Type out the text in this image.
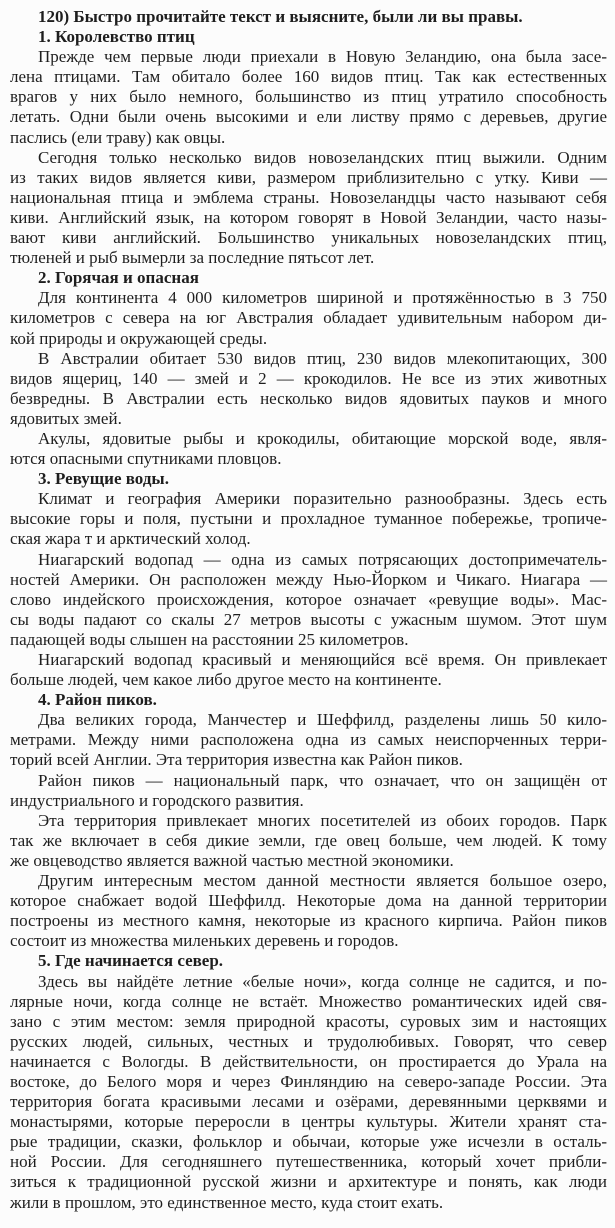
120) Быстро прочитайте текст и выясните, были ли вы правы.
1. Королевство птиц
Прежде чем первые люди приехали в Новую Зеландию, она была засе-
лена птицами. Там обитало более 160 видов птиц. Так как естественных
врагов у них было немного, большинство из птиц утратило способность
летать. Одни были очень высокими и ели листву прямо с деревьев, другие
паслись (ели траву) как овцы.
Сегодня только несколько видов новозеландских птиц выжили. Одним
из таких видов является киви, размером приблизительно с утку. Киви —
национальная птица и эмблема страны. Новозеландцы часто называют себя
киви. Английский язык, на котором говорят в Новой Зеландии, часто назы-
вают киви английский. Большинство уникальных новозеландских птиц,
тюленей и рыб вымерли за последние пятьсот лет.
2. Горячая и опасная
Для континента 4 000 километров шириной и протяжённостью в 3 750
километров с севера на юг Австралия обладает удивительным набором ди-
кой природы и окружающей среды.
В Австралии обитает 530 видов птиц, 230 видов млекопитающих, 300
видов ящериц, 140 — змей и 2 — крокодилов. Не все из этих животных
безвредны. В Австралии есть несколько видов ядовитых пауков и много
ядовитых змей.
Акулы, ядовитые рыбы и крокодилы, обитающие морской воде, явля-
ются опасными спутниками пловцов.
3. Ревущие воды.
Климат и география Америки поразительно разнообразны. Здесь есть
высокие горы и поля, пустыни и прохладное туманное побережье, тропиче-
ская жара т и арктический холод.
Ниагарский водопад — одна из самых потрясающих достопримечатель-
ностей Америки. Он расположен между Нью-Йорком и Чикаго. Ниагара —
слово индейского происхождения, которое означает «ревущие воды». Мас-
сы воды падают со скалы 27 метров высоты с ужасным шумом. Этот шум
падающей воды слышен на расстоянии 25 километров.
Ниагарский водопад красивый и меняющийся всё время. Он привлекает
больше людей, чем какое либо другое место на континенте.
4. Район пиков.
Два великих города, Манчестер и Шеффилд, разделены лишь 50 кило-
метрами. Между ними расположена одна из самых неиспорченных терри-
торий всей Англии. Эта территория известна как Район пиков.
Район пиков — национальный парк, что означает, что он защищён от
индустриального и городского развития.
Эта территория привлекает многих посетителей из обоих городов. Парк
так же включает в себя дикие земли, где овец больше, чем людей. К тому
же овцеводство является важной частью местной экономики.
Другим интересным местом данной местности является большое озеро,
которое снабжает водой Шеффилд. Некоторые дома на данной территории
построены из местного камня, некоторые из красного кирпича. Район пиков
состоит из множества миленьких деревень и городов.
5. Где начинается север.
Здесь вы найдёте летние «белые ночи», когда солнце не садится, и по-
лярные ночи, когда солнце не встаёт. Множество романтических идей свя-
зано с этим местом: земля природной красоты, суровых зим и настоящих
русских людей, сильных, честных и трудолюбивых. Говорят, что север
начинается с Вологды. В действительности, он простирается до Урала на
востоке, до Белого моря и через Финляндию на северо-западе России. Эта
территория богата красивыми лесами и озёрами, деревянными церквями и
монастырями, которые переросли в центры культуры. Жители хранят ста-
рые традиции, сказки, фольклор и обычаи, которые уже исчезли в осталь-
ной России. Для сегодняшнего путешественника, который хочет прибли-
зиться к традиционной русской жизни и архитектуре и понять, как люди
жили в прошлом, это единственное место, куда стоит ехать.
